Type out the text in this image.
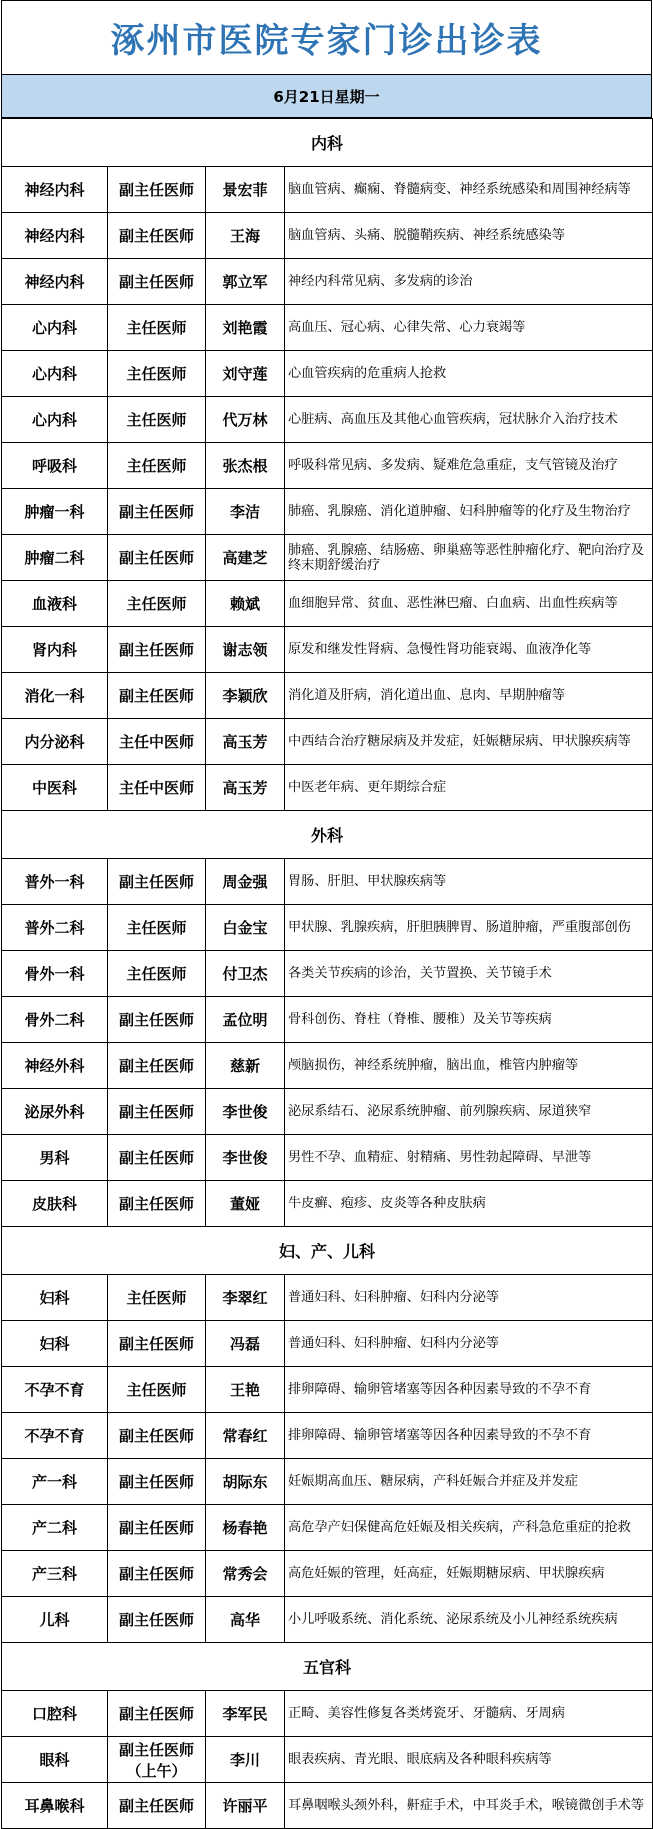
涿州市医院专家门诊出诊表
6月21日星期一
内科			
神经内科	副主任医师	景宏菲	脑血管病、癫痫、脊髓病变、神经系统感染和周围神经病等
神经内科	副主任医师	王海	脑血管病、头痛、脱髓鞘疾病、神经系统感染等
神经内科	副主任医师	郭立军	神经内科常见病、多发病的诊治
心内科	主任医师	刘艳霞	高血压、冠心病、心律失常、心力衰竭等
心内科	主任医师	刘守莲	心血管疾病的危重病人抢救
心内科	主任医师	代万林	心脏病、高血压及其他心血管疾病，冠状脉介入治疗技术
呼吸科	主任医师	张杰根	呼吸科常见病、多发病、疑难危急重症，支气管镜及治疗
肿瘤一科	副主任医师	李洁	肺癌、乳腺癌、消化道肿瘤、妇科肿瘤等的化疗及生物治疗
肿瘤二科	副主任医师	高建芝	肺癌、乳腺癌、结肠癌、卵巢癌等恶性肿瘤化疗、靶向治疗及终末期舒缓治疗
血液科	主任医师	赖斌	血细胞异常、贫血、恶性淋巴瘤、白血病、出血性疾病等
肾内科	副主任医师	谢志领	原发和继发性肾病、急慢性肾功能衰竭、血液净化等
消化一科	副主任医师	李颖欣	消化道及肝病，消化道出血、息肉、早期肿瘤等
内分泌科	主任中医师	高玉芳	中西结合治疗糖尿病及并发症，妊娠糖尿病、甲状腺疾病等
中医科	主任中医师	高玉芳	中医老年病、更年期综合症
外科			
普外一科	副主任医师	周金强	胃肠、肝胆、甲状腺疾病等
普外二科	主任医师	白金宝	甲状腺、乳腺疾病，肝胆胰脾胃、肠道肿瘤，严重腹部创伤
骨外一科	主任医师	付卫杰	各类关节疾病的诊治，关节置换、关节镜手术
骨外二科	副主任医师	孟位明	骨科创伤、脊柱（脊椎、腰椎）及关节等疾病
神经外科	副主任医师	慈新	颅脑损伤，神经系统肿瘤，脑出血，椎管内肿瘤等
泌尿外科	副主任医师	李世俊	泌尿系结石、泌尿系统肿瘤、前列腺疾病、尿道狭窄
男科	副主任医师	李世俊	男性不孕、血精症、射精痛、男性勃起障碍、早泄等
皮肤科	副主任医师	董娅	牛皮癣、疱疹、皮炎等各种皮肤病
妇、产、儿科			
妇科	主任医师	李翠红	普通妇科、妇科肿瘤、妇科内分泌等
妇科	副主任医师	冯磊	普通妇科、妇科肿瘤、妇科内分泌等
不孕不育	主任医师	王艳	排卵障碍、输卵管堵塞等因各种因素导致的不孕不育
不孕不育	副主任医师	常春红	排卵障碍、输卵管堵塞等因各种因素导致的不孕不育
产一科	副主任医师	胡际东	妊娠期高血压、糖尿病，产科妊娠合并症及并发症
产二科	副主任医师	杨春艳	高危孕产妇保健高危妊娠及相关疾病，产科急危重症的抢救
产三科	副主任医师	常秀会	高危妊娠的管理，妊高症，妊娠期糖尿病、甲状腺疾病
儿科	副主任医师	高华	小儿呼吸系统、消化系统、泌尿系统及小儿神经系统疾病
五官科			
口腔科	副主任医师	李军民	正畸、美容性修复各类烤瓷牙、牙髓病、牙周病
眼科	副主任医师（上午）	李川	眼表疾病、青光眼、眼底病及各种眼科疾病等
耳鼻喉科	副主任医师	许丽平	耳鼻咽喉头颈外科，鼾症手术，中耳炎手术，喉镜微创手术等
